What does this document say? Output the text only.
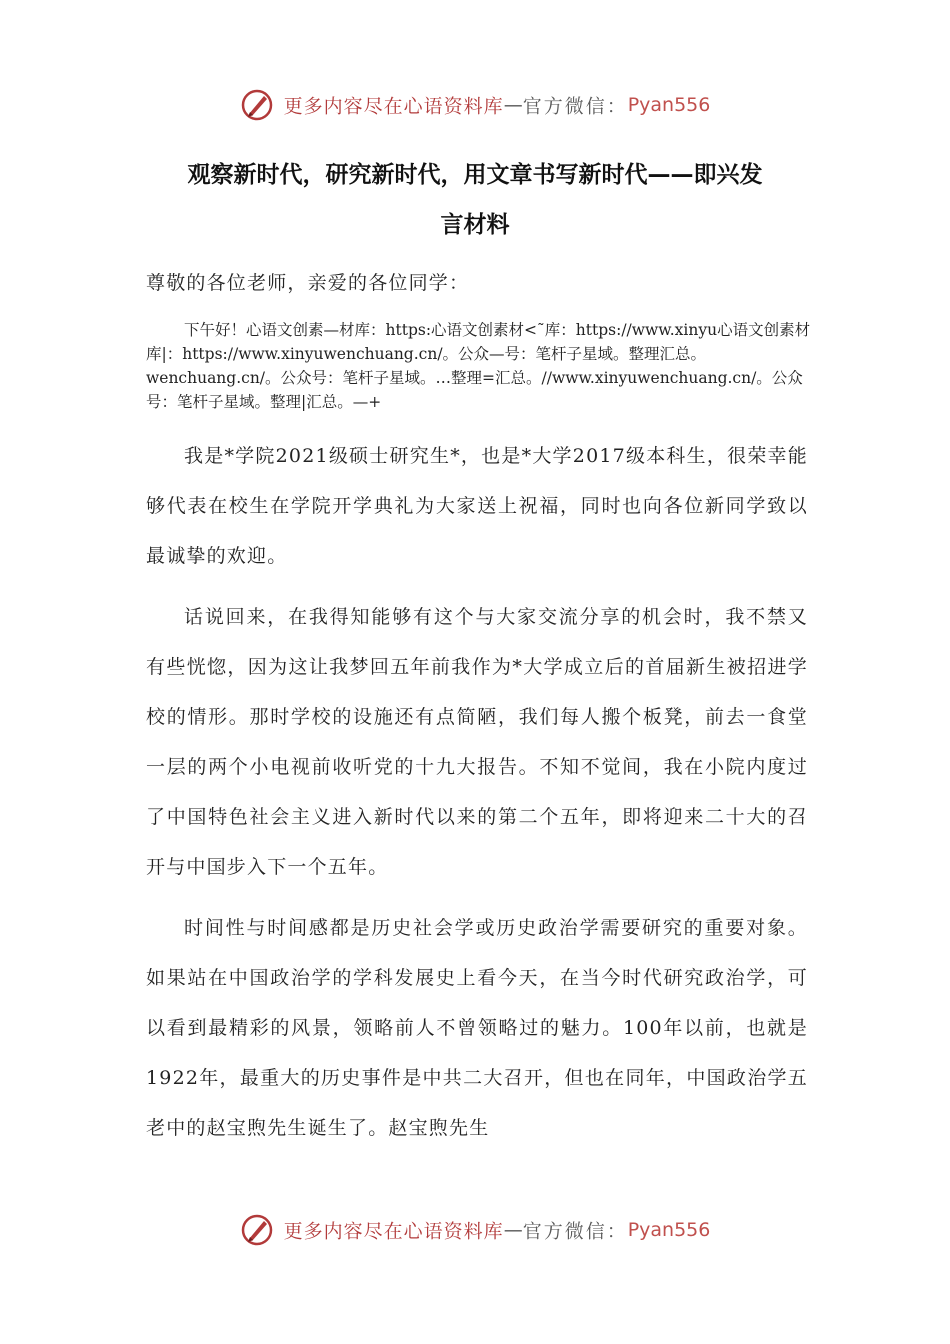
更多内容尽在心语资料库—官方微信：Pyan556
观察新时代，研究新时代，用文章书写新时代——即兴发
言材料

尊敬的各位老师，亲爱的各位同学：

下午好！心语文创素—材库：https:心语文创素材<˜库：https://www.xinyu心语文创素材库|：https://www.xinyuwenchuang.cn/。公众—号：笔杆子星域。整理汇总。wenchuang.cn/。公众号：笔杆子星域。…整理=汇总。//www.xinyuwenchuang.cn/。公众号：笔杆子星域。整理|汇总。—+

我是*学院2021级硕士研究生*，也是*大学2017级本科生，很荣幸能够代表在校生在学院开学典礼为大家送上祝福，同时也向各位新同学致以最诚挚的欢迎。

话说回来，在我得知能够有这个与大家交流分享的机会时，我不禁又有些恍惚，因为这让我梦回五年前我作为*大学成立后的首届新生被招进学校的情形。那时学校的设施还有点简陋，我们每人搬个板凳，前去一食堂一层的两个小电视前收听党的十九大报告。不知不觉间，我在小院内度过了中国特色社会主义进入新时代以来的第二个五年，即将迎来二十大的召开与中国步入下一个五年。

时间性与时间感都是历史社会学或历史政治学需要研究的重要对象。如果站在中国政治学的学科发展史上看今天，在当今时代研究政治学，可以看到最精彩的风景，领略前人不曾领略过的魅力。100年以前，也就是1922年，最重大的历史事件是中共二大召开，但也在同年，中国政治学五老中的赵宝煦先生诞生了。赵宝煦先生

更多内容尽在心语资料库—官方微信：Pyan556
